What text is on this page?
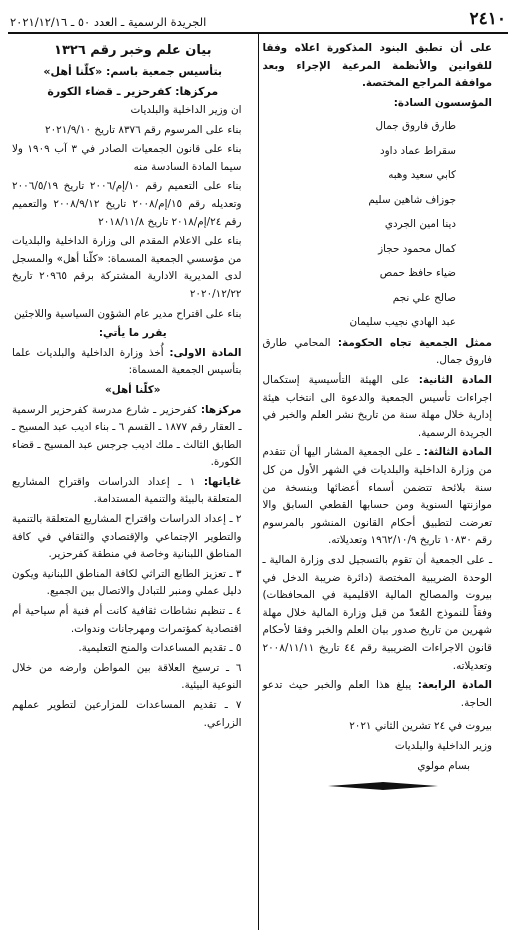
٢٤١٠
الجريدة الرسمية ـ العدد ٥٠ ـ ٢٠٢١/١٢/١٦
على أن تطبق البنود المذكورة اعلاه وفقا للقوانين والأنظمة المرعية الإجراء وبعد موافقة المراجع المختصة.
المؤسسون السادة:
طارق فاروق جمال
سقراط عماد داود
كابي سعيد وهبه
جوزاف شاهين سليم
دينا امين الجردي
كمال محمود حجاز
ضياء حافظ حمص
صالح علي نجم
عبد الهادي نجيب سليمان
ممثل الجمعية تجاه الحكومة: المحامي طارق فاروق جمال.
المادة الثانية: على الهيئة التأسيسية إستكمال اجراءات تأسيس الجمعية والدعوة الى انتخاب هيئة إدارية خلال مهلة سنة من تاريخ نشر العلم والخبر في الجريدة الرسمية.
المادة الثالثة: ـ على الجمعية المشار اليها أن تتقدم من وزارة الداخلية والبلديات في الشهر الأول من كل سنة بلائحة تتضمن أسماء أعضائها وبنسخة من موازنتها السنوية ومن حسابها القطعي السابق والا تعرضت لتطبيق أحكام القانون المنشور بالمرسوم رقم ١٠٨٣٠ تاريخ ١٩٦٢/١٠/٩ وتعديلاته.
ـ على الجمعية أن تقوم بالتسجيل لدى وزارة المالية ـ الوحدة الضريبية المختصة (دائرة ضريبة الدخل في بيروت والمصالح المالية الاقليمية في المحافظات) وفقاً للنموذج المُعدّ من قبل وزارة المالية خلال مهلة شهرين من تاريخ صدور بيان العلم والخبر وفقا لأحكام قانون الاجراءات الضريبية رقم ٤٤ تاريخ ٢٠٠٨/١١/١١ وتعديلاته.
المادة الرابعة: يبلغ هذا العلم والخبر حيث تدعو الحاجة.
بيروت في ٢٤ تشرين الثاني ٢٠٢١
وزير الداخلية والبلديات
بسام مولوي
بيان علم وخبر رقم ١٣٢٦
بتأسيس جمعية باسم: «كلّنا أهل»
مركزها: كفرحزير ـ قضاء الكورة
ان وزير الداخلية والبلديات
بناء على المرسوم رقم ٨٣٧٦ تاريخ ٢٠٢١/٩/١٠
بناء على قانون الجمعيات الصادر في ٣ آب ١٩٠٩ ولا سيما المادة السادسة منه
بناء على التعميم رقم ١٠/إم/٢٠٠٦ تاريخ ٢٠٠٦/٥/١٩ وتعديله رقم ١٥/إم/٢٠٠٨ تاريخ ٢٠٠٨/٩/١٢ والتعميم رقم ٢٤/إم/٢٠١٨ تاريخ ٢٠١٨/١١/٨
بناء على الاعلام المقدم الى وزارة الداخلية والبلديات من مؤسسي الجمعية المسماة: «كلّنا أهل» والمسجل لدى المديرية الادارية المشتركة برقم ٢٠٩٦٥ تاريخ ٢٠٢٠/١٢/٢٢
بناء على اقتراح مدير عام الشؤون السياسية واللاجئين
يقرر ما يأتي:
المادة الاولى: أُخذ وزارة الداخلية والبلديات علما بتأسيس الجمعية المسماة:
«كلّنا أهل»
مركزها: كفرحزير ـ شارع مدرسة كفرحزير الرسمية ـ العقار رقم ١٨٧٧ ـ القسم ٦ ـ بناء اديب عبد المسيح ـ الطابق الثالث ـ ملك اديب جرجس عبد المسيح ـ قضاء الكورة.
غاياتها: ١ ـ إعداد الدراسات واقتراح المشاريع المتعلقة بالبيئة والتنمية المستدامة.
٢ ـ إعداد الدراسات واقتراح المشاريع المتعلقة بالتنمية والتطوير الإجتماعي والإقتصادي والثقافي في كافة المناطق اللبنانية وخاصة في منطقة كفرحزير.
٣ ـ تعزيز الطابع التراثي لكافة المناطق اللبنانية ويكون دليل عملي ومنبر للتبادل والاتصال بين الجميع.
٤ ـ تنظيم نشاطات ثقافية كانت أم فنية أم سياحية أم اقتصادية كمؤتمرات ومهرجانات وندوات.
٥ ـ تقديم المساعدات والمنح التعليمية.
٦ ـ ترسيخ العلاقة بين المواطن وارضه من خلال النوعية البيئية.
٧ ـ تقديم المساعدات للمزارعين لتطوير عملهم الزراعي.
